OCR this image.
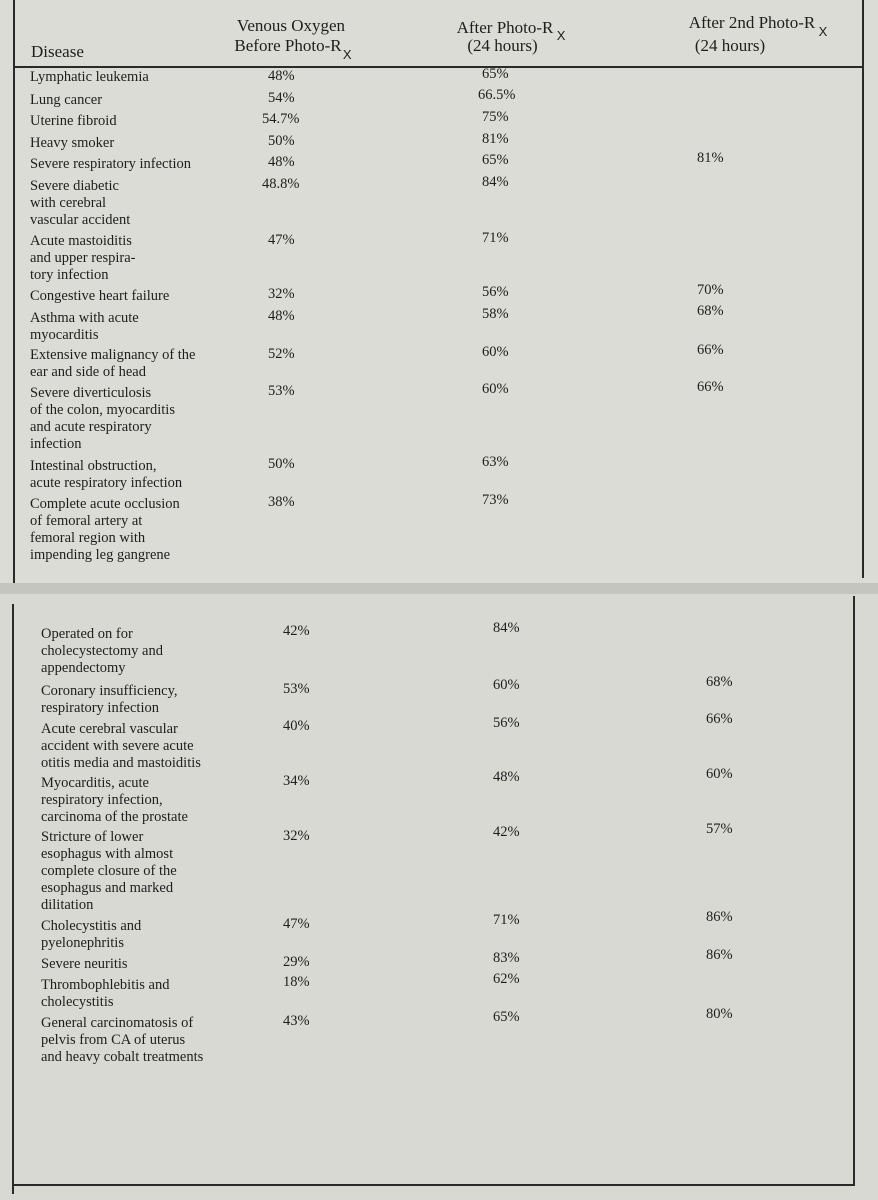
Disease
Venous Oxygen
Before Photo-R X
After Photo-R X
(24 hours)
After 2nd Photo-R X
(24 hours)
Lymphatic leukemia	48%	65%
Lung cancer	54%	66.5%
Uterine fibroid	54.7%	75%
Heavy smoker	50%	81%
Severe respiratory infection	48%	65%	81%
Severe diabetic
with cerebral
vascular accident
48.8%	84%
Acute mastoiditis
and upper respira-
tory infection
47%	71%
Congestive heart failure	32%	56%	70%
Asthma with acute
myocarditis
48%	58%	68%
Extensive malignancy of the
ear and side of head
52%	60%	66%
Severe diverticulosis
of the colon, myocarditis
and acute respiratory
infection
53%	60%	66%
Intestinal obstruction,
acute respiratory infection
50%	63%
Complete acute occlusion
of femoral artery at
femoral region with
impending leg gangrene
38%	73%
Operated on for
cholecystectomy and
appendectomy
42%	84%
Coronary insufficiency,
respiratory infection
53%	60%	68%
Acute cerebral vascular
accident with severe acute
otitis media and mastoiditis
40%	56%	66%
Myocarditis, acute
respiratory infection,
carcinoma of the prostate
34%	48%	60%
Stricture of lower
esophagus with almost
complete closure of the
esophagus and marked
dilitation
32%	42%	57%
Cholecystitis and
pyelonephritis
47%	71%	86%
Severe neuritis	29%	83%	86%
Thrombophlebitis and
cholecystitis
18%	62%
General carcinomatosis of
pelvis from CA of uterus
and heavy cobalt treatments
43%	65%	80%
